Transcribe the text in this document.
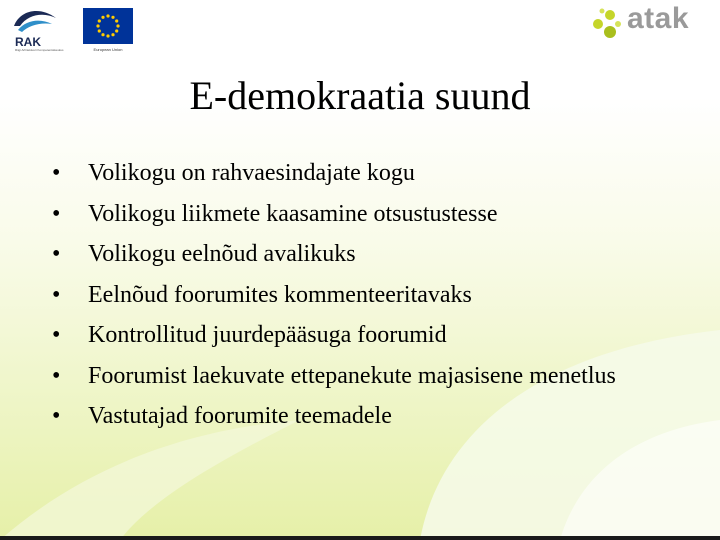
RAK
Riigi Arhitektuuri Kompetentsikeskus	European Union
atak
E-demokraatia suund
•	Volikogu on rahvaesindajate kogu
•	Volikogu liikmete kaasamine otsustustesse
•	Volikogu eelnõud avalikuks
•	Eelnõud foorumites kommenteeritavaks
•	Kontrollitud juurdepääsuga foorumid
•	Foorumist laekuvate ettepanekute majasisene menetlus
•	Vastutajad foorumite teemadele
